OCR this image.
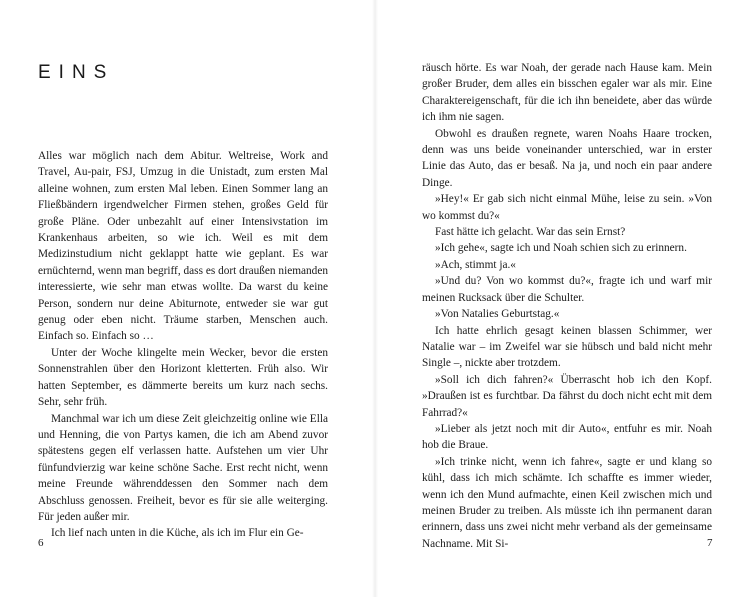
EINS

Alles war möglich nach dem Abitur. Weltreise, Work and Travel, Au-pair, FSJ, Umzug in die Unistadt, zum ersten Mal alleine wohnen, zum ersten Mal leben. Einen Sommer lang an Fließbändern irgendwelcher Firmen stehen, großes Geld für große Pläne. Oder unbezahlt auf einer Intensivstation im Krankenhaus arbeiten, so wie ich. Weil es mit dem Medizinstudium nicht geklappt hatte wie geplant. Es war ernüchternd, wenn man begriff, dass es dort draußen niemanden interessierte, wie sehr man etwas wollte. Da warst du keine Person, sondern nur deine Abiturnote, entweder sie war gut genug oder eben nicht. Träume starben, Menschen auch. Einfach so. Einfach so …

Unter der Woche klingelte mein Wecker, bevor die ersten Sonnenstrahlen über den Horizont kletterten. Früh also. Wir hatten September, es dämmerte bereits um kurz nach sechs. Sehr, sehr früh.

Manchmal war ich um diese Zeit gleichzeitig online wie Ella und Henning, die von Partys kamen, die ich am Abend zuvor spätestens gegen elf verlassen hatte. Aufstehen um vier Uhr fünfundvierzig war keine schöne Sache. Erst recht nicht, wenn meine Freunde währenddessen den Sommer nach dem Abschluss genossen. Freiheit, bevor es für sie alle weiterging. Für jeden außer mir.

Ich lief nach unten in die Küche, als ich im Flur ein Ge-

6

räusch hörte. Es war Noah, der gerade nach Hause kam. Mein großer Bruder, dem alles ein bisschen egaler war als mir. Eine Charaktereigenschaft, für die ich ihn beneidete, aber das würde ich ihm nie sagen.

Obwohl es draußen regnete, waren Noahs Haare trocken, denn was uns beide voneinander unterschied, war in erster Linie das Auto, das er besaß. Na ja, und noch ein paar andere Dinge.

»Hey!« Er gab sich nicht einmal Mühe, leise zu sein. »Von wo kommst du?«

Fast hätte ich gelacht. War das sein Ernst?

»Ich gehe«, sagte ich und Noah schien sich zu erinnern.

»Ach, stimmt ja.«

»Und du? Von wo kommst du?«, fragte ich und warf mir meinen Rucksack über die Schulter.

»Von Natalies Geburtstag.«

Ich hatte ehrlich gesagt keinen blassen Schimmer, wer Natalie war – im Zweifel war sie hübsch und bald nicht mehr Single –, nickte aber trotzdem.

»Soll ich dich fahren?« Überrascht hob ich den Kopf. »Draußen ist es furchtbar. Da fährst du doch nicht echt mit dem Fahrrad?«

»Lieber als jetzt noch mit dir Auto«, entfuhr es mir. Noah hob die Braue.

»Ich trinke nicht, wenn ich fahre«, sagte er und klang so kühl, dass ich mich schämte. Ich schaffte es immer wieder, wenn ich den Mund aufmachte, einen Keil zwischen mich und meinen Bruder zu treiben. Als müsste ich ihn permanent daran erinnern, dass uns zwei nicht mehr verband als der gemeinsame Nachname. Mit Si-	7
